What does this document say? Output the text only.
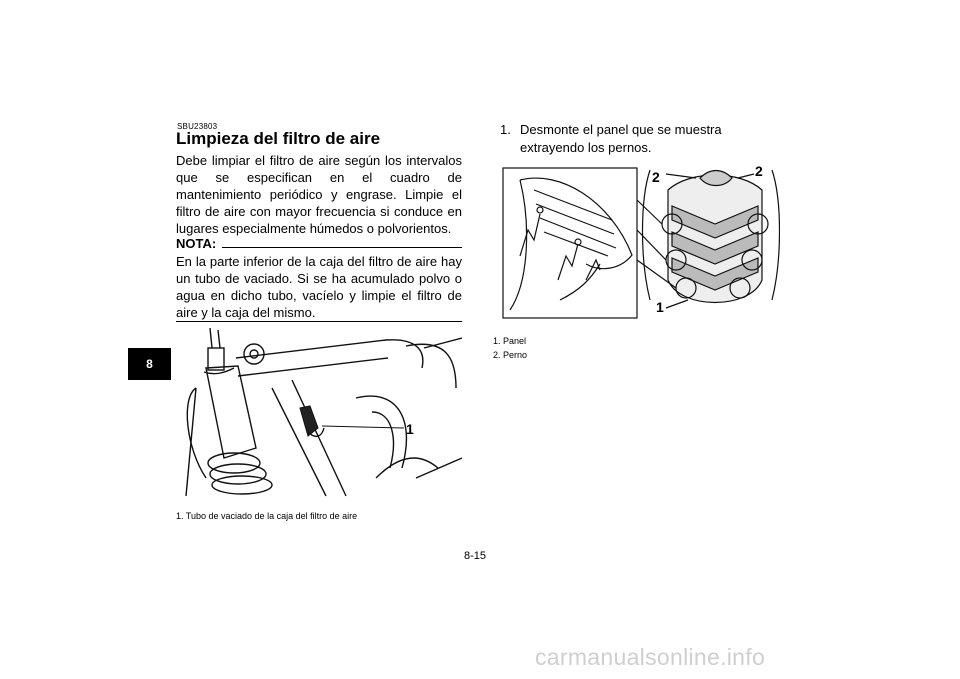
8
SBU23803
Limpieza del filtro de aire

Debe limpiar el filtro de aire según los intervalos que se especifican en el cuadro de mantenimiento periódico y engrase. Limpie el filtro de aire con mayor frecuencia si conduce en lugares especialmente húmedos o polvorientos.

NOTA:

En la parte inferior de la caja del filtro de aire hay un tubo de vaciado. Si se ha acumulado polvo o agua en dicho tubo, vacíelo y limpie el filtro de aire y la caja del mismo.

1
1. Tubo de vaciado de la caja del filtro de aire
1. Desmonte el panel que se muestra extrayendo los pernos.
2	2
1
1. Panel
2. Perno
8-15
carmanualsonline.info
